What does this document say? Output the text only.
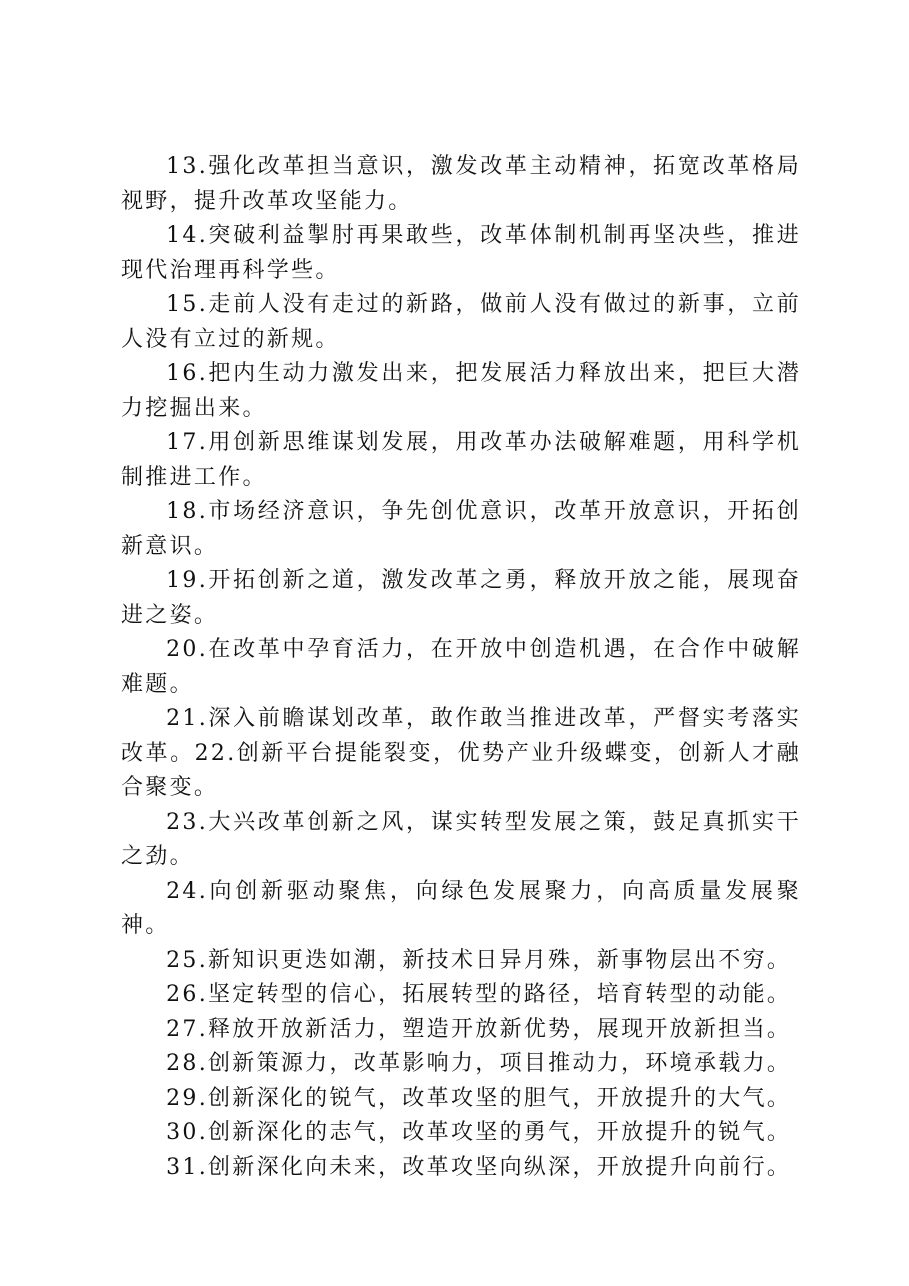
13.强化改革担当意识，激发改革主动精神，拓宽改革格局视野，提升改革攻坚能力。

14.突破利益掣肘再果敢些，改革体制机制再坚决些，推进现代治理再科学些。

15.走前人没有走过的新路，做前人没有做过的新事，立前人没有立过的新规。

16.把内生动力激发出来，把发展活力释放出来，把巨大潜力挖掘出来。

17.用创新思维谋划发展，用改革办法破解难题，用科学机制推进工作。

18.市场经济意识，争先创优意识，改革开放意识，开拓创新意识。

19.开拓创新之道，激发改革之勇，释放开放之能，展现奋进之姿。

20.在改革中孕育活力，在开放中创造机遇，在合作中破解难题。

21.深入前瞻谋划改革，敢作敢当推进改革，严督实考落实改革。22.创新平台提能裂变，优势产业升级蝶变，创新人才融合聚变。

23.大兴改革创新之风，谋实转型发展之策，鼓足真抓实干之劲。

24.向创新驱动聚焦，向绿色发展聚力，向高质量发展聚神。

25.新知识更迭如潮，新技术日异月殊，新事物层出不穷。

26.坚定转型的信心，拓展转型的路径，培育转型的动能。

27.释放开放新活力，塑造开放新优势，展现开放新担当。

28.创新策源力，改革影响力，项目推动力，环境承载力。

29.创新深化的锐气，改革攻坚的胆气，开放提升的大气。

30.创新深化的志气，改革攻坚的勇气，开放提升的锐气。

31.创新深化向未来，改革攻坚向纵深，开放提升向前行。
